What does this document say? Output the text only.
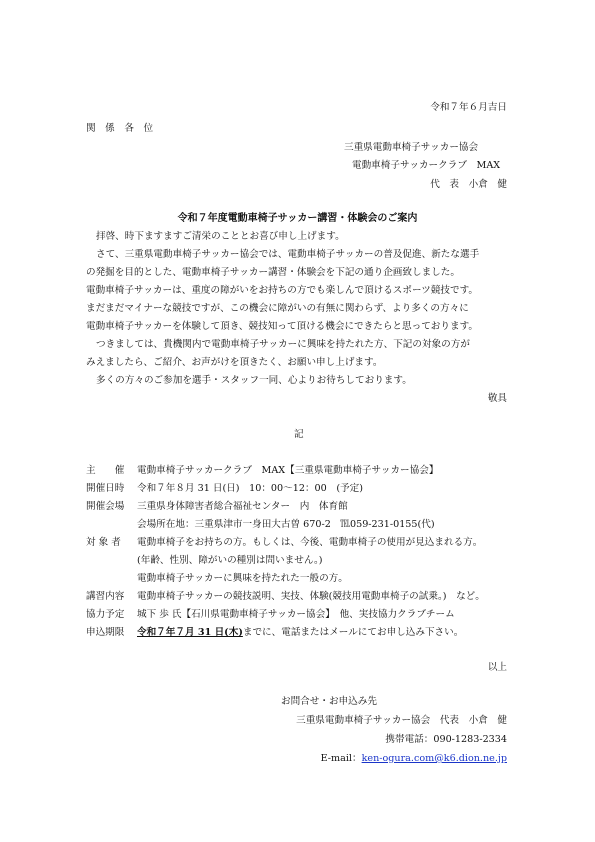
令和７年６月吉日
関　係　各　位
三重県電動車椅子サッカー協会
電動車椅子サッカークラブ　MAX
代　表　小倉　健
令和７年度電動車椅子サッカー講習・体験会のご案内
拝啓、時下ますますご清栄のこととお喜び申し上げます。
さて、三重県電動車椅子サッカー協会では、電動車椅子サッカーの普及促進、新たな選手
の発掘を目的とした、電動車椅子サッカー講習・体験会を下記の通り企画致しました。
電動車椅子サッカーは、重度の障がいをお持ちの方でも楽しんで頂けるスポーツ競技です。
まだまだマイナーな競技ですが、この機会に障がいの有無に関わらず、より多くの方々に
電動車椅子サッカーを体験して頂き、競技知って頂ける機会にできたらと思っております。
つきましては、貴機関内で電動車椅子サッカーに興味を持たれた方、下記の対象の方が
みえましたら、ご紹介、お声がけを頂きたく、お願い申し上げます。
多くの方々のご参加を選手・スタッフ一同、心よりお待ちしております。
敬具
記
主　　催 電動車椅子サッカークラブ　MAX【三重県電動車椅子サッカー協会】
開催日時 令和７年８月 31 日(日)　10：00～12：00　(予定)
開催会場 三重県身体障害者総合福祉センター　内　体育館
会場所在地：三重県津市一身田大古曽 670-2　℡059-231-0155(代)
対 象 者 電動車椅子をお持ちの方。もしくは、今後、電動車椅子の使用が見込まれる方。
(年齢、性別、障がいの種別は問いません。)
電動車椅子サッカーに興味を持たれた一般の方。
講習内容 電動車椅子サッカーの競技説明、実技、体験(競技用電動車椅子の試乗。)　など。
協力予定 城下 歩 氏【石川県電動車椅子サッカー協会】　他、実技協力クラブチーム
申込期限 令和７年７月 31 日(木)までに、電話またはメールにてお申し込み下さい。
以上
お問合せ・お申込み先
三重県電動車椅子サッカー協会　代表　小倉　健
携帯電話：090-1283-2334
E-mail：ken-ogura.com@k6.dion.ne.jp
